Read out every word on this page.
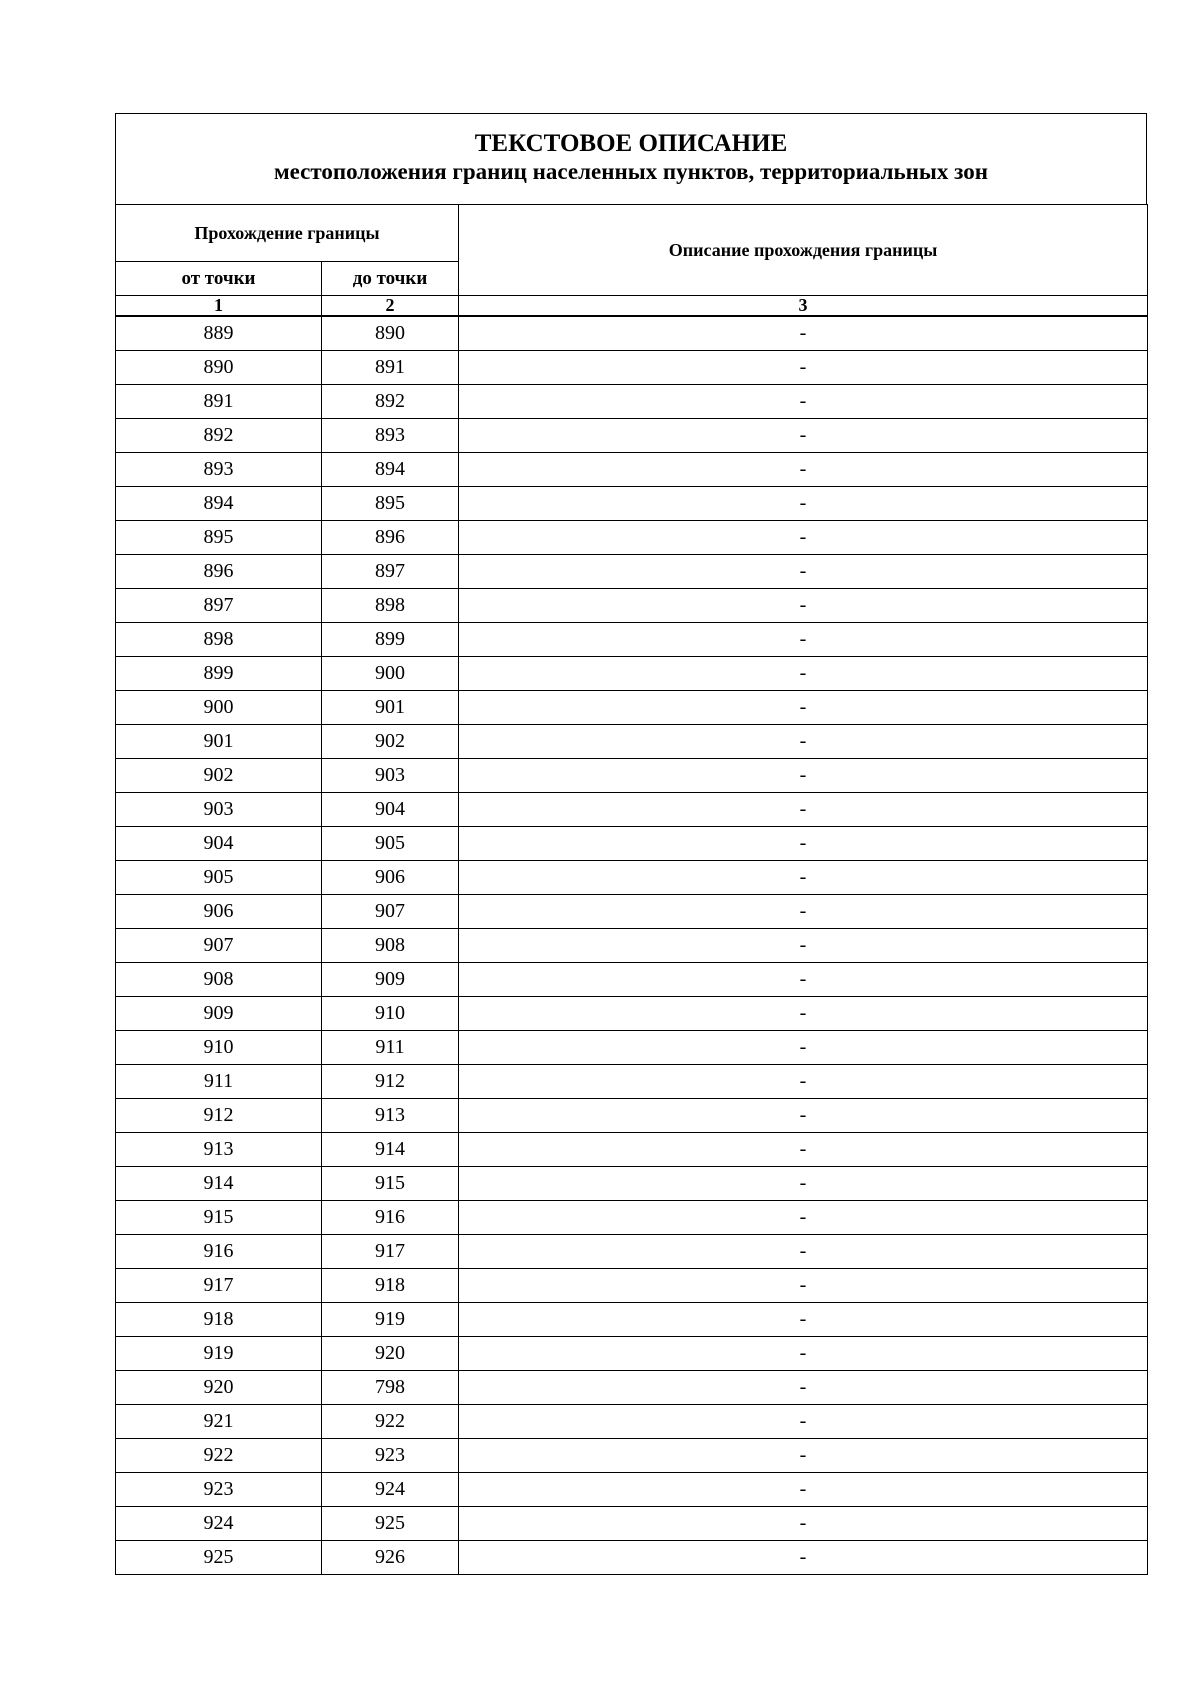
ТЕКСТОВОЕ ОПИСАНИЕ
местоположения границ населенных пунктов, территориальных зон
Прохождение границы		Описание прохождения границы
от точки	до точки	
1	2	3
889	890	-
890	891	-
891	892	-
892	893	-
893	894	-
894	895	-
895	896	-
896	897	-
897	898	-
898	899	-
899	900	-
900	901	-
901	902	-
902	903	-
903	904	-
904	905	-
905	906	-
906	907	-
907	908	-
908	909	-
909	910	-
910	911	-
911	912	-
912	913	-
913	914	-
914	915	-
915	916	-
916	917	-
917	918	-
918	919	-
919	920	-
920	798	-
921	922	-
922	923	-
923	924	-
924	925	-
925	926	-
